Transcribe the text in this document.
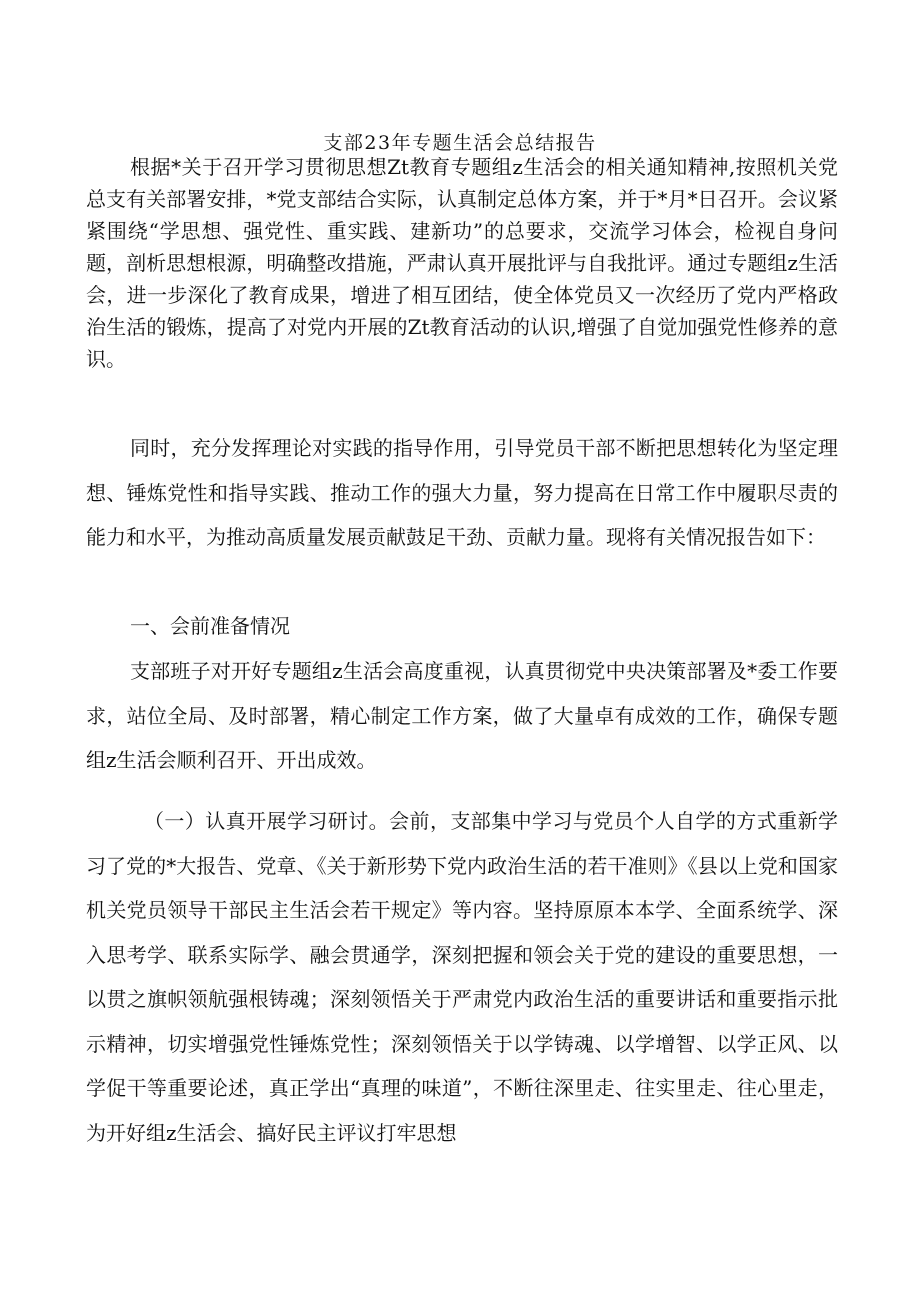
支部23年专题生活会总结报告

根据*关于召开学习贯彻思想Zt教育专题组z生活会的相关通知精神,按照机关党总支有关部署安排，*党支部结合实际，认真制定总体方案，并于*月*日召开。会议紧紧围绕“学思想、强党性、重实践、建新功”的总要求，交流学习体会，检视自身问题，剖析思想根源，明确整改措施，严肃认真开展批评与自我批评。通过专题组z生活会，进一步深化了教育成果，增进了相互团结，使全体党员又一次经历了党内严格政治生活的锻炼，提高了对党内开展的Zt教育活动的认识,增强了自觉加强党性修养的意识。

同时，充分发挥理论对实践的指导作用，引导党员干部不断把思想转化为坚定理想、锤炼党性和指导实践、推动工作的强大力量，努力提高在日常工作中履职尽责的能力和水平，为推动高质量发展贡献鼓足干劲、贡献力量。现将有关情况报告如下：

一、会前准备情况

支部班子对开好专题组z生活会高度重视，认真贯彻党中央决策部署及*委工作要求，站位全局、及时部署，精心制定工作方案，做了大量卓有成效的工作，确保专题组z生活会顺利召开、开出成效。

（一）认真开展学习研讨。会前，支部集中学习与党员个人自学的方式重新学习了党的*大报告、党章、《关于新形势下党内政治生活的若干准则》《县以上党和国家机关党员领导干部民主生活会若干规定》等内容。坚持原原本本学、全面系统学、深入思考学、联系实际学、融会贯通学，深刻把握和领会关于党的建设的重要思想，一以贯之旗帜领航强根铸魂；深刻领悟关于严肃党内政治生活的重要讲话和重要指示批示精神，切实增强党性锤炼党性；深刻领悟关于以学铸魂、以学增智、以学正风、以学促干等重要论述，真正学出“真理的味道”，不断往深里走、往实里走、往心里走，为开好组z生活会、搞好民主评议打牢思想
